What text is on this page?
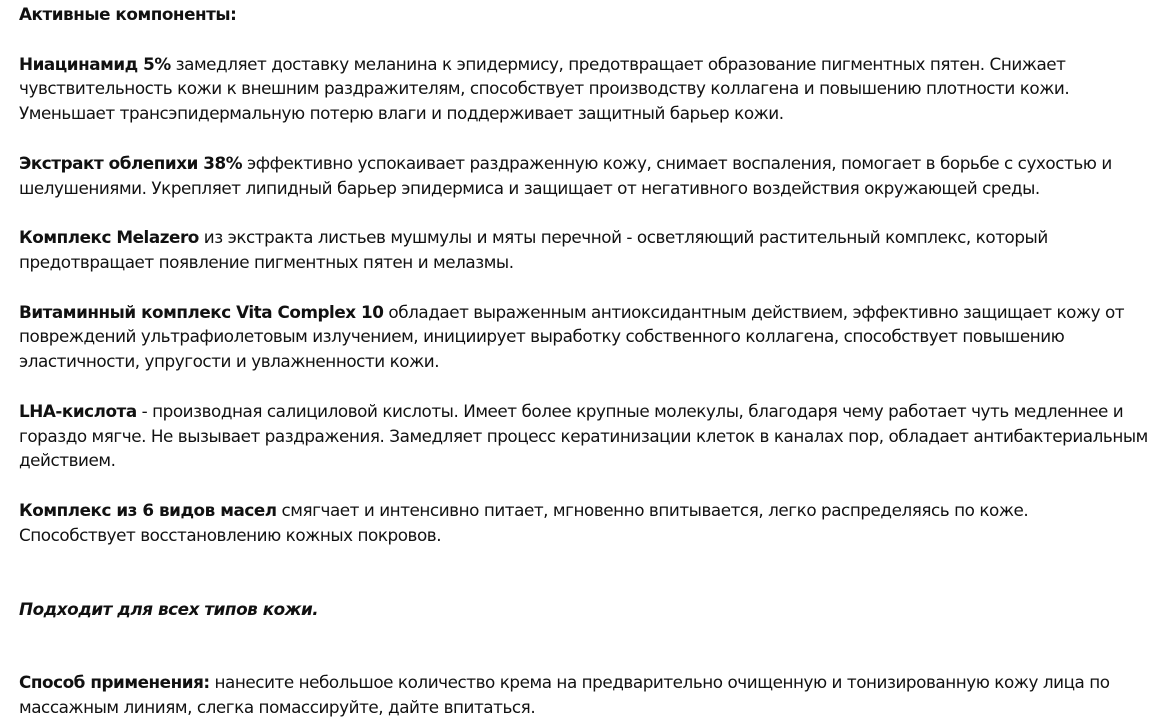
Активные компоненты:

Ниацинамид 5% замедляет доставку меланина к эпидермису, предотвращает образование пигментных пятен. Снижает чувствительность кожи к внешним раздражителям, способствует производству коллагена и повышению плотности кожи. Уменьшает трансэпидермальную потерю влаги и поддерживает защитный барьер кожи.

Экстракт облепихи 38% эффективно успокаивает раздраженную кожу, снимает воспаления, помогает в борьбе с сухостью и шелушениями. Укрепляет липидный барьер эпидермиса и защищает от негативного воздействия окружающей среды.

Комплекс Melazero из экстракта листьев мушмулы и мяты перечной - осветляющий растительный комплекс, который предотвращает появление пигментных пятен и мелазмы.

Витаминный комплекс Vita Complex 10 обладает выраженным антиоксидантным действием, эффективно защищает кожу от повреждений ультрафиолетовым излучением, инициирует выработку собственного коллагена, способствует повышению эластичности, упругости и увлажненности кожи.

LHA-кислота - производная салициловой кислоты. Имеет более крупные молекулы, благодаря чему работает чуть медленнее и гораздо мягче. Не вызывает раздражения. Замедляет процесс кератинизации клеток в каналах пор, обладает антибактериальным действием.

Комплекс из 6 видов масел смягчает и интенсивно питает, мгновенно впитывается, легко распределяясь по коже. Способствует восстановлению кожных покровов.

Подходит для всех типов кожи.

Способ применения: нанесите небольшое количество крема на предварительно очищенную и тонизированную кожу лица по массажным линиям, слегка помассируйте, дайте впитаться.
